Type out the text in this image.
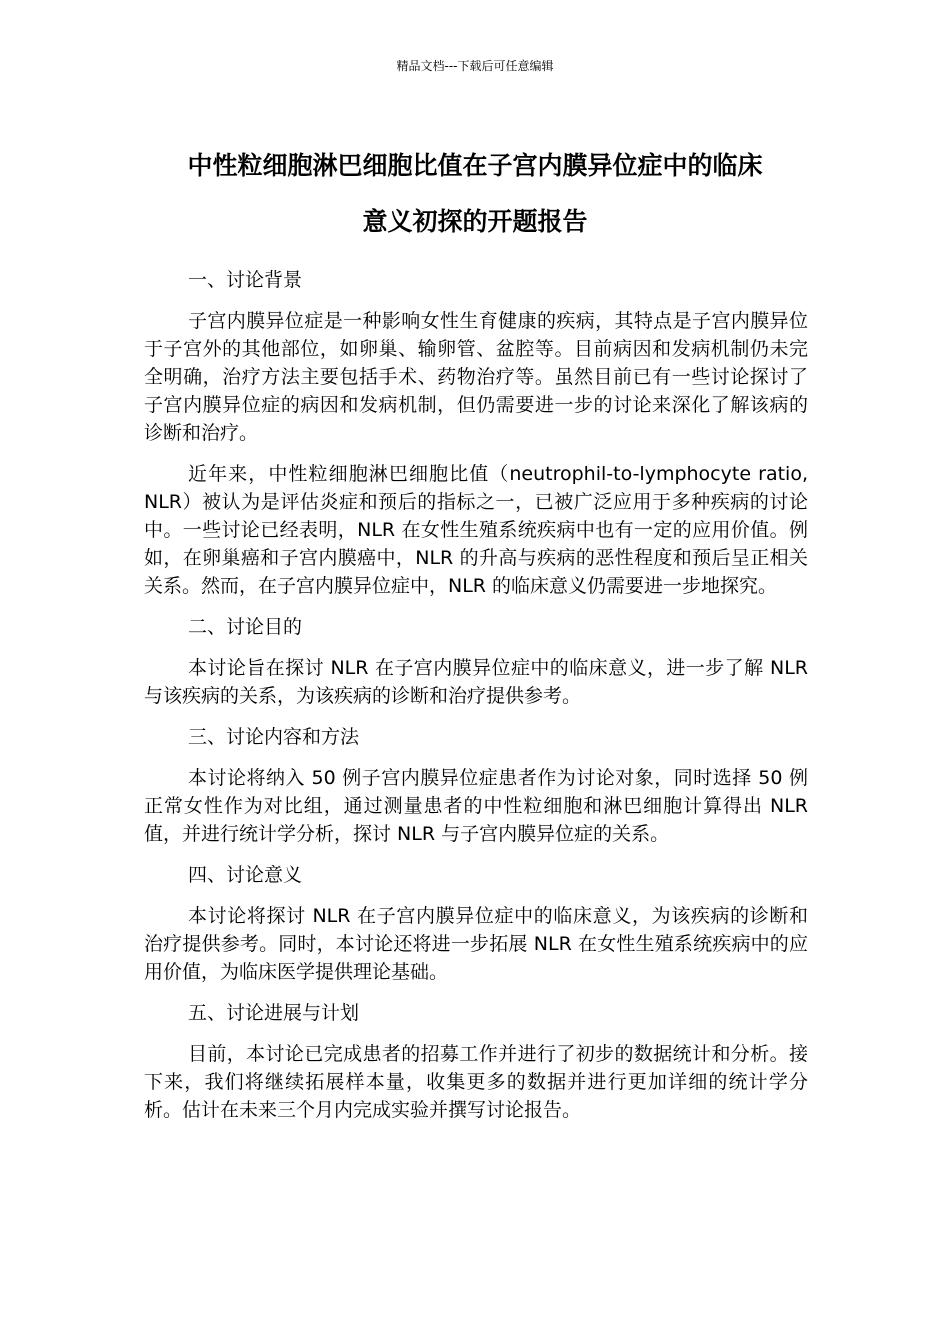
精品文档---下载后可任意编辑
中性粒细胞淋巴细胞比值在子宫内膜异位症中的临床
意义初探的开题报告

一、讨论背景

子宫内膜异位症是一种影响女性生育健康的疾病，其特点是子宫内膜异位于子宫外的其他部位，如卵巢、输卵管、盆腔等。目前病因和发病机制仍未完全明确，治疗方法主要包括手术、药物治疗等。虽然目前已有一些讨论探讨了子宫内膜异位症的病因和发病机制，但仍需要进一步的讨论来深化了解该病的诊断和治疗。

近年来，中性粒细胞淋巴细胞比值（neutrophil-to-lymphocyte ratio, NLR）被认为是评估炎症和预后的指标之一，已被广泛应用于多种疾病的讨论中。一些讨论已经表明，NLR 在女性生殖系统疾病中也有一定的应用价值。例如，在卵巢癌和子宫内膜癌中，NLR 的升高与疾病的恶性程度和预后呈正相关关系。然而，在子宫内膜异位症中，NLR 的临床意义仍需要进一步地探究。

二、讨论目的

本讨论旨在探讨 NLR 在子宫内膜异位症中的临床意义，进一步了解 NLR 与该疾病的关系，为该疾病的诊断和治疗提供参考。

三、讨论内容和方法

本讨论将纳入 50 例子宫内膜异位症患者作为讨论对象，同时选择 50 例正常女性作为对比组，通过测量患者的中性粒细胞和淋巴细胞计算得出 NLR 值，并进行统计学分析，探讨 NLR 与子宫内膜异位症的关系。

四、讨论意义

本讨论将探讨 NLR 在子宫内膜异位症中的临床意义，为该疾病的诊断和治疗提供参考。同时，本讨论还将进一步拓展 NLR 在女性生殖系统疾病中的应用价值，为临床医学提供理论基础。

五、讨论进展与计划

目前，本讨论已完成患者的招募工作并进行了初步的数据统计和分析。接下来，我们将继续拓展样本量，收集更多的数据并进行更加详细的统计学分析。估计在未来三个月内完成实验并撰写讨论报告。
